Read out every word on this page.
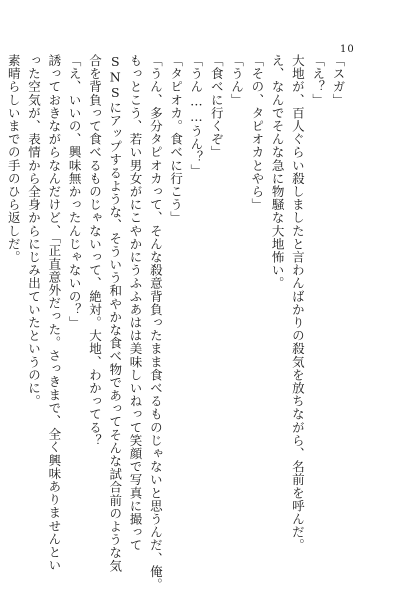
10
「スガ」
「え？」
大地が、百人ぐらい殺しましたと言わんばかりの殺気を放ちながら、名前を呼んだ。
え、なんでそんな急に物騒な大地怖い。
「その、タピオカとやら」
「うん」
「食べに行くぞ」
「うん……うん？」
「タピオカ。食べに行こう」
「うん、多分タピオカって、そんな殺意背負ったまま食べるものじゃないと思うんだ、俺。
もっとこう、若い男女がにこやかにうふふあはは美味しいねって笑顔で写真に撮って
SNSにアップするような、そういう和やかな食べ物であってそんな試合前のような気
合を背負って食べるものじゃないって、絶対。大地、わかってる？
「え、いいの、興味無かったんじゃないの？」
誘っておきながらなんだけど、「正直意外だった。さっきまで、全く興味ありませんとい
った空気が、表情から全身からにじみ出ていたというのに。
素晴らしいまでの手のひら返しだ。
